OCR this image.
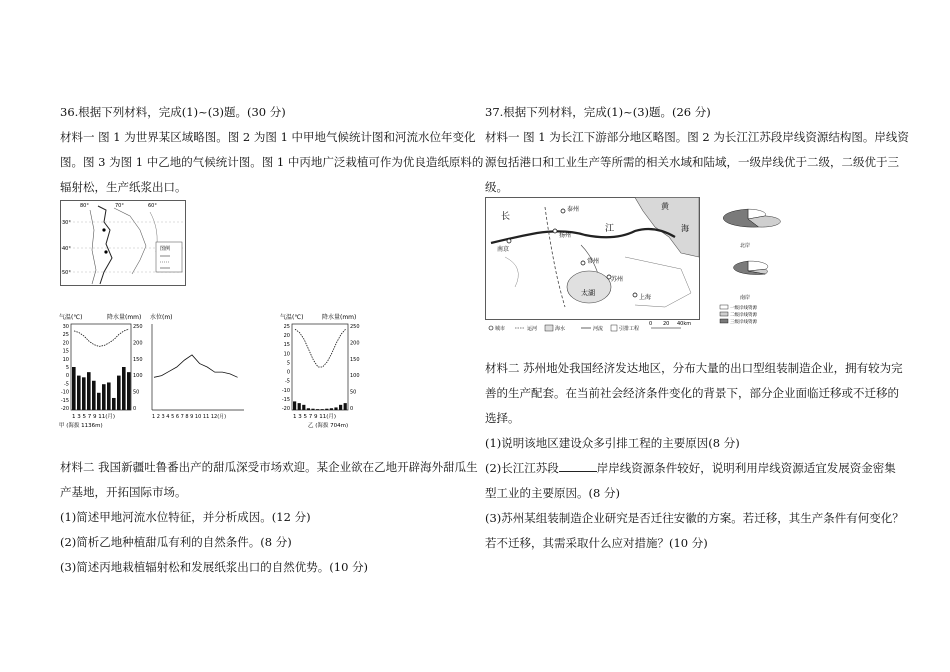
36.根据下列材料，完成(1)~(3)题。(30 分)

材料一 图 1 为世界某区域略图。图 2 为图 1 中甲地气候统计图和河流水位年变化

图。图 3 为图 1 中乙地的气候统计图。图 1 中丙地广泛栽植可作为优良造纸原料的

辐射松，生产纸浆出口。

图例
30°
40°
50°
80°	70°	60°
气温(℃)	降水量(mm)
1 3 5 7 9 11(月)
甲 (海拔 1136m)
30
25
20
15
10
5
0
-5
-10
-15
-20
250
200
150
100
50
0
水位(m)
1 2 3 4 5 6 7 8 9 10 11 12(月)
气温(℃)	降水量(mm)
1 3 5 7 9 11(月)
乙 (海拔 704m)
25
20
15
10
5
0
-5
-10
-15
-20
250
200
150
100
50
0

材料二 我国新疆吐鲁番出产的甜瓜深受市场欢迎。某企业欲在乙地开辟海外甜瓜生

产基地，开拓国际市场。

(1)简述甲地河流水位特征，并分析成因。(12 分)

(2)简析乙地种植甜瓜有利的自然条件。(8 分)

(3)简述丙地栽植辐射松和发展纸浆出口的自然优势。(10 分)

37.根据下列材料，完成(1)~(3)题。(26 分)

材料一 图 1 为长江下游部分地区略图。图 2 为长江江苏段岸线资源结构图。岸线资

源包括港口和工业生产等所需的相关水域和陆域，一级岸线优于二级，二级优于三

级。

长
江
黄
海
泰州
南京
扬州
常州
太湖
上海
苏州
城市	运河	海水	河流	引排工程
0 20 40km
北岸
南岸
一级岸线资源
二级岸线资源
三级岸线资源

材料二 苏州地处我国经济发达地区，分布大量的出口型组装制造企业，拥有较为完

善的生产配套。在当前社会经济条件变化的背景下，部分企业面临迁移或不迁移的

选择。

(1)说明该地区建设众多引排工程的主要原因(8 分)

(2)长江江苏段	岸岸线资源条件较好，说明利用岸线资源适宜发展资金密集

型工业的主要原因。(8 分)

(3)苏州某组装制造企业研究是否迁往安徽的方案。若迁移，其生产条件有何变化？

若不迁移，其需采取什么应对措施？(10 分)
